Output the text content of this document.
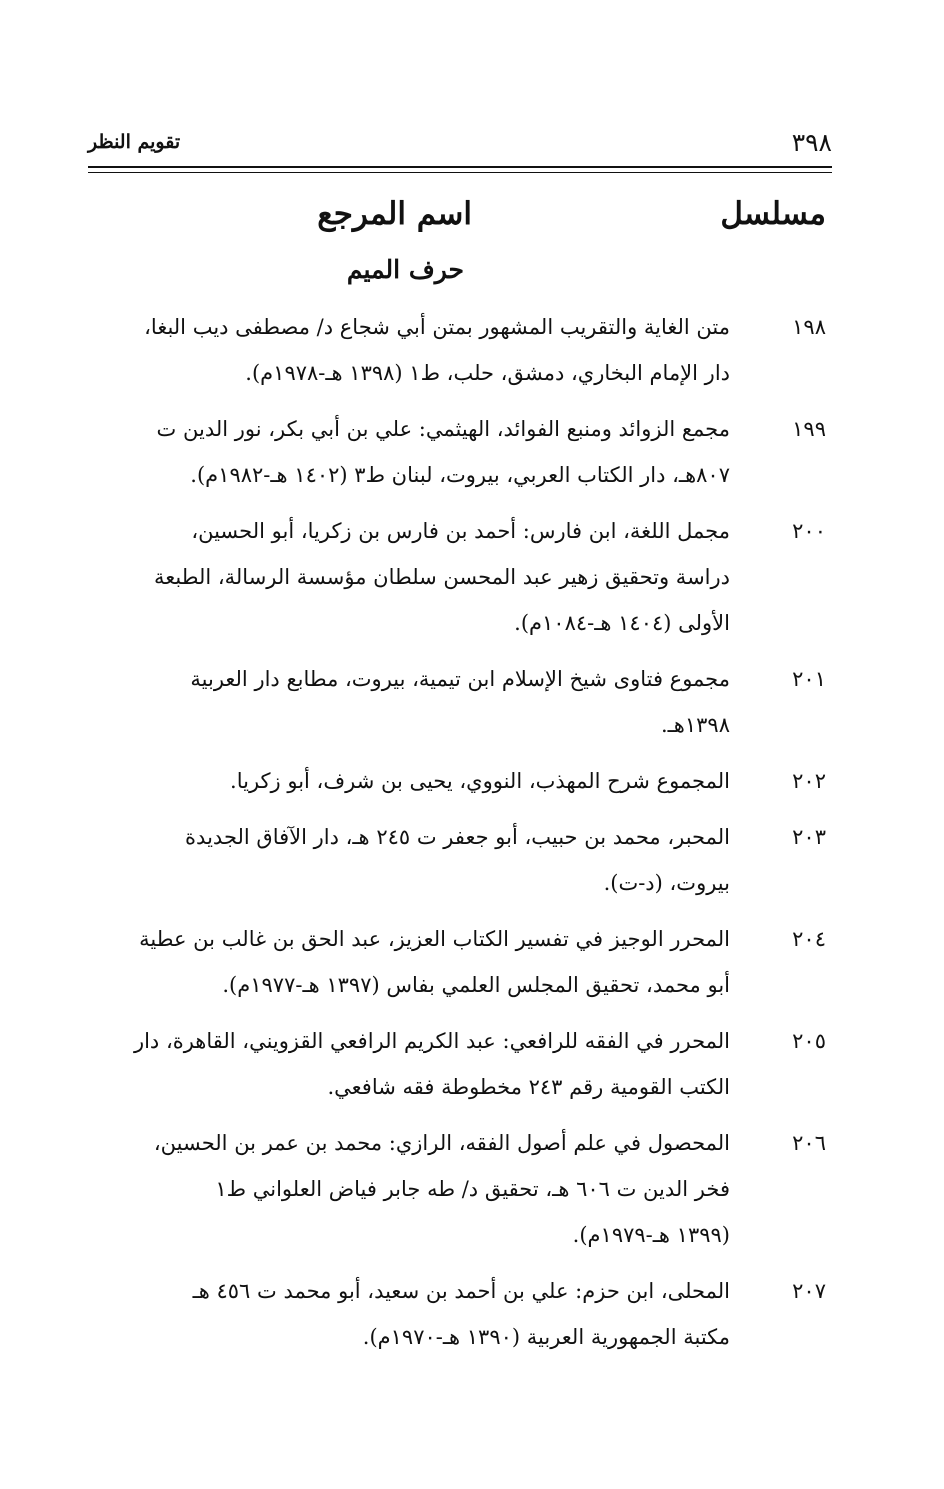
٣٩٨
تقويم النظر
مسلسل
اسم المرجع
حرف الميم
١٩٨
متن الغاية والتقريب المشهور بمتن أبي شجاع د/ مصطفى ديب البغا،
دار الإمام البخاري، دمشق، حلب، ط١ (١٣٩٨ هـ-١٩٧٨م).
١٩٩
مجمع الزوائد ومنبع الفوائد، الهيثمي: علي بن أبي بكر، نور الدين ت
٨٠٧هـ، دار الكتاب العربي، بيروت، لبنان ط٣ (١٤٠٢ هـ-١٩٨٢م).
٢٠٠
مجمل اللغة، ابن فارس: أحمد بن فارس بن زكريا، أبو الحسين،
دراسة وتحقيق زهير عبد المحسن سلطان مؤسسة الرسالة، الطبعة
الأولى (١٤٠٤ هـ-١٠٨٤م).
٢٠١
مجموع فتاوى شيخ الإسلام ابن تيمية، بيروت، مطابع دار العربية
١٣٩٨هـ.
٢٠٢
المجموع شرح المهذب، النووي، يحيى بن شرف، أبو زكريا.
٢٠٣
المحبر، محمد بن حبيب، أبو جعفر ت ٢٤٥ هـ، دار الآفاق الجديدة
بيروت، (د-ت).
٢٠٤
المحرر الوجيز في تفسير الكتاب العزيز، عبد الحق بن غالب بن عطية
أبو محمد، تحقيق المجلس العلمي بفاس (١٣٩٧ هـ-١٩٧٧م).
٢٠٥
المحرر في الفقه للرافعي: عبد الكريم الرافعي القزويني، القاهرة، دار
الكتب القومية رقم ٢٤٣ مخطوطة فقه شافعي.
٢٠٦
المحصول في علم أصول الفقه، الرازي: محمد بن عمر بن الحسين،
فخر الدين ت ٦٠٦ هـ، تحقيق د/ طه جابر فياض العلواني ط١
(١٣٩٩ هـ-١٩٧٩م).
٢٠٧
المحلى، ابن حزم: علي بن أحمد بن سعيد، أبو محمد ت ٤٥٦ هـ
مكتبة الجمهورية العربية (١٣٩٠ هـ-١٩٧٠م).
